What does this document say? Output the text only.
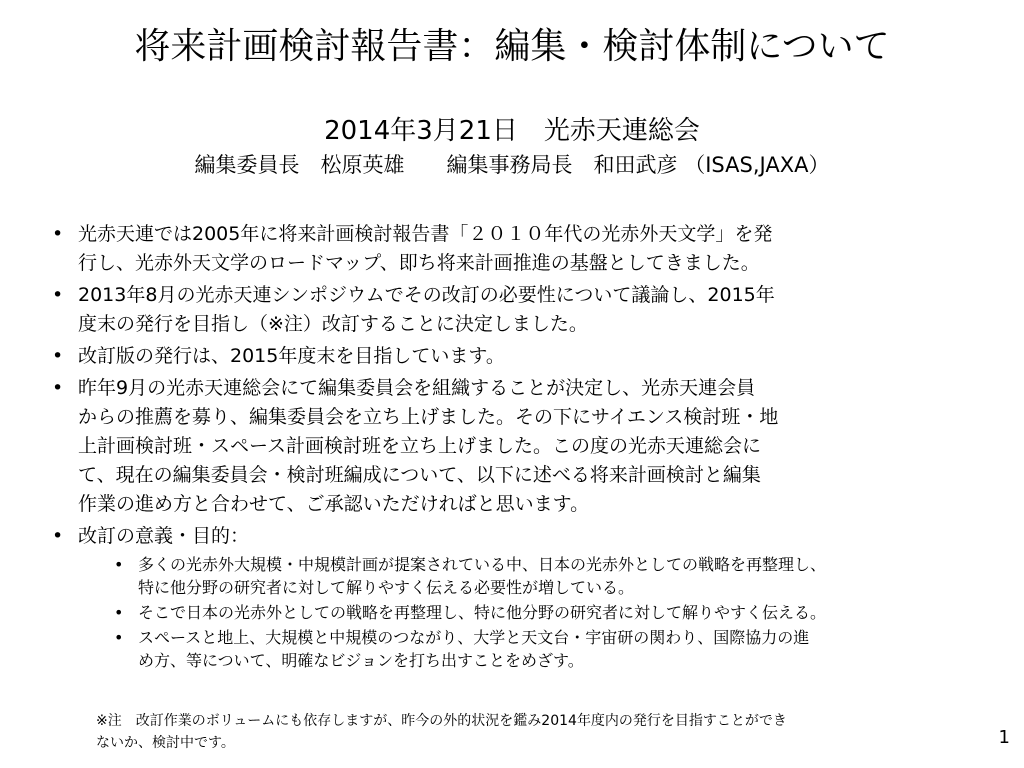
将来計画検討報告書：編集・検討体制について
2014年3月21日　光赤天連総会
編集委員長　松原英雄　　編集事務局長　和田武彦 （ISAS,JAXA）
• 光赤天連では2005年に将来計画検討報告書「２０１０年代の光赤外天文学」を発
行し、光赤外天文学のロードマップ、即ち将来計画推進の基盤としてきました。
• 2013年8月の光赤天連シンポジウムでその改訂の必要性について議論し、2015年
度末の発行を目指し（※注）改訂することに決定しました。
• 改訂版の発行は、2015年度末を目指しています。
• 昨年9月の光赤天連総会にて編集委員会を組織することが決定し、光赤天連会員
からの推薦を募り、編集委員会を立ち上げました。その下にサイエンス検討班・地
上計画検討班・スペース計画検討班を立ち上げました。この度の光赤天連総会に
て、現在の編集委員会・検討班編成について、以下に述べる将来計画検討と編集
作業の進め方と合わせて、ご承認いただければと思います。
• 改訂の意義・目的：
• 多くの光赤外大規模・中規模計画が提案されている中、日本の光赤外としての戦略を再整理し、
特に他分野の研究者に対して解りやすく伝える必要性が増している。
• そこで日本の光赤外としての戦略を再整理し、特に他分野の研究者に対して解りやすく伝える。
• スペースと地上、大規模と中規模のつながり、大学と天文台・宇宙研の関わり、国際協力の進
め方、等について、明確なビジョンを打ち出すことをめざす。
※注　改訂作業のボリュームにも依存しますが、昨今の外的状況を鑑み2014年度内の発行を目指すことができ
ないか、検討中です。	1
